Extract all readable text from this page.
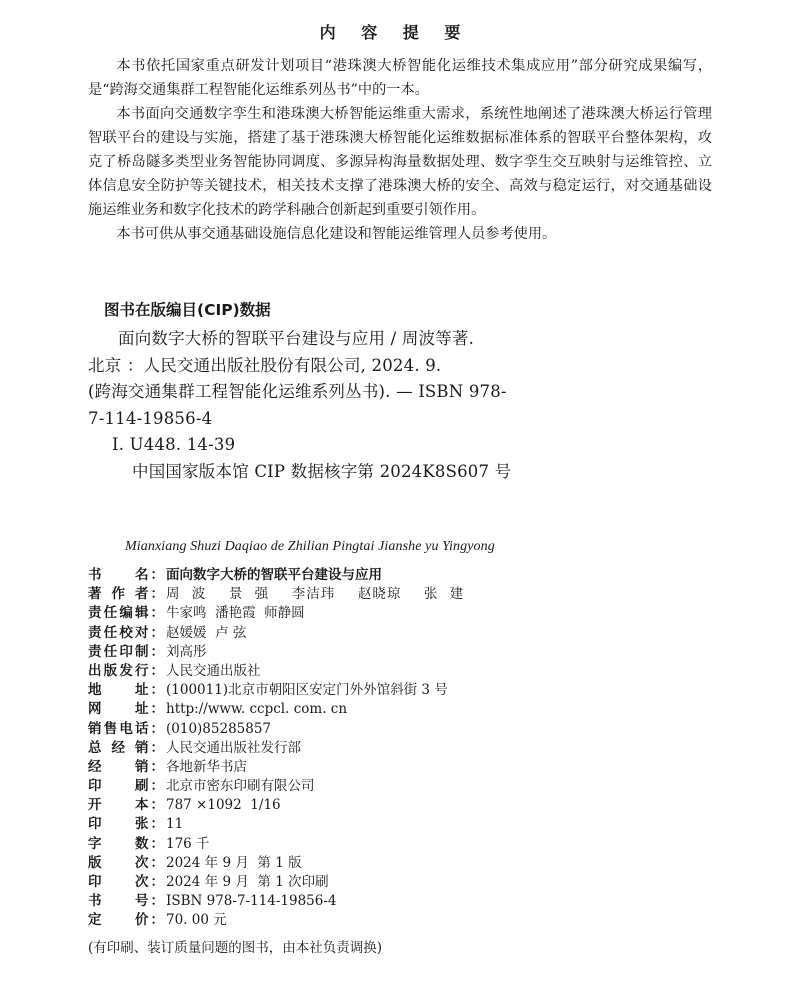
内 容 提 要

本书依托国家重点研发计划项目“港珠澳大桥智能化运维技术集成应用”部分研究成果编写，是“跨海交通集群工程智能化运维系列丛书”中的一本。

本书面向交通数字孪生和港珠澳大桥智能运维重大需求，系统性地阐述了港珠澳大桥运行管理智联平台的建设与实施，搭建了基于港珠澳大桥智能化运维数据标准体系的智联平台整体架构，攻克了桥岛隧多类型业务智能协同调度、多源异构海量数据处理、数字孪生交互映射与运维管控、立体信息安全防护等关键技术，相关技术支撑了港珠澳大桥的安全、高效与稳定运行，对交通基础设施运维业务和数字化技术的跨学科融合创新起到重要引领作用。

本书可供从事交通基础设施信息化建设和智能运维管理人员参考使用。

图书在版编目(CIP)数据
面向数字大桥的智联平台建设与应用 / 周波等著.
北京 ：人民交通出版社股份有限公司, 2024. 9.
(跨海交通集群工程智能化运维系列丛书). — ISBN 978-
7-114-19856-4
Ⅰ. U448. 14-39
中国国家版本馆 CIP 数据核字第 2024K8S607 号
Mianxiang Shuzi Daqiao de Zhilian Pingtai Jianshe yu Yingyong
书 名 ： 面向数字大桥的智联平台建设与应用
著 作 者 ： 周 波  景 强  李洁玮  赵晓琼  张 建
责 任 编 辑 ： 牛家鸣  潘艳霞  师静圆
责 任 校 对 ： 赵媛媛  卢 弦
责 任 印 制 ： 刘高彤
出 版 发 行 ： 人民交通出版社
地 址 ： (100011)北京市朝阳区安定门外外馆斜街 3 号
网 址 ： http://www. ccpcl. com. cn
销 售 电 话 ： (010)85285857
总 经 销 ： 人民交通出版社发行部
经 销 ： 各地新华书店
印 刷 ： 北京市密东印刷有限公司
开 本 ： 787 ×1092  1/16
印 张 ： 11
字 数 ： 176 千
版 次 ： 2024 年 9 月  第 1 版
印 次 ： 2024 年 9 月  第 1 次印刷
书 号 ： ISBN 978-7-114-19856-4
定 价 ： 70. 00 元
(有印刷、装订质量问题的图书，由本社负责调换)
